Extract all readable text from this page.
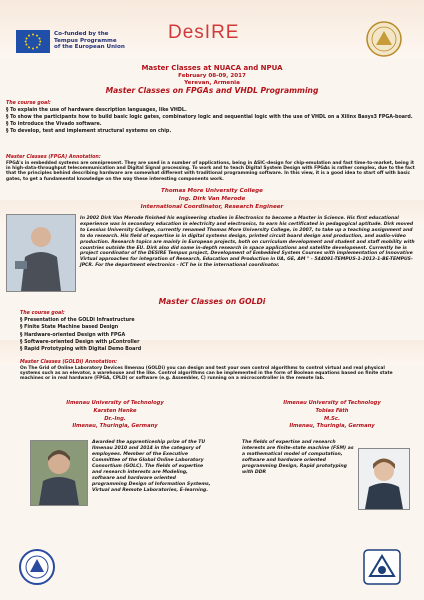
Co-funded by the
Tempus Programme
of the European Union
DesIRE
Master Classes at NUACA and NPUA
February 08-09, 2017
Yerevan, Armenia
Master Classes on FPGAs and VHDL Programming
The course goal:
§ To explain the use of hardware description languages, like VHDL.
§ To show the participants how to build basic logic gates, combinatory logic and sequential logic with the use of VHDL on a Xilinx Basys3 FPGA-board.
§ To introduce the Vivado software.
§ To develop, test and implement structural systems on chip.
Master Classes (FPGA) Annotation:
FPGA's in embedded systems are omnipresent. They are used in a number of applications, being in ASIC-design for chip-emulation and fast time-to-market, being it in high-data-throughput telecommunication and Digital Signal processing. To work and to teach Digital System Design with FPGAs is rather complex, due to the fact that the principles behind describing hardware are somewhat different with traditional programming software. In this view, it is a good idea to start off with basic gates, to get a fundamental knowledge on the way these interesting components work.
Thomas More University College
Ing. Dirk Van Merode
International Coordinator, Research Engineer
In 2002 Dirk Van Merode finished his engineering studies in Electronics to become a Master in Science. His first educational experience was in secondary education in electricity and electronics, to earn his certificated in pedagogical aptitude. Dirk moved to Lessius University College, currently renamed Thomas More University College, in 2007, to take up a teaching assignment and to do research. His field of expertise is in digital systems design, printed circuit board design and production, and audio-video production. Research topics are mainly in European projects, both on curriculum development and student and staff mobility with countries outside the EU. Dirk also did some in-depth research in space applications and satellite development. Currently he is project coordinator of the DESIRE Tempus project, Development of Embedded System Courses with implementation of Innovative Virtual approaches for integration of Research, Education and Production in UA, GE, AM " - 544091-TEMPUS-1-2013-1-BE-TEMPUS-JPCR. For the department electronics - ICT he is the international coordinator.
Master Classes on GOLDi
The course goal:
§ Presentation of the GOLDi Infrastructure
§ Finite State Machine based Design
§ Hardware-oriented Design with FPGA
§ Software-oriented Design with µController
§ Rapid Prototyping with Digital Demo Board
Master Classes (GOLDi) Annotation:
On The Grid of Online Laboratory Devices Ilmenau (GOLDi) you can design and test your own control algorithms to control virtual and real physical systems such as an elevator, a warehouse and the like. Control algorithms can be implemented in the form of Boolean equations based on finite state machines or in real hardware (FPGA, CPLD) or software (e.g. Assembler, C) running on a microcontroller in the remote lab.
Ilmenau University of Technology
Karsten Henke
Dr.-Ing.
Ilmenau, Thuringia, Germany
Ilmenau University of Technology
Tobias Fäth
M.Sc.
Ilmenau, Thuringia, Germany
Awarded the apprenticeship prize of the TU Ilmenau 2010 and 2014 in the category of employees. Member of the Executive Committee of the Global Online Laboratory Consortium (GOLC). The fields of expertise and research interests are Modeling, software and hardware oriented programming Design of Information Systems, Virtual and Remote Laboratories, E-learning.
The fields of expertise and research interests are finite-state machine (FSM) as a mathematical model of computation, software and hardware oriented programming Design, Rapid prototyping with DDR
